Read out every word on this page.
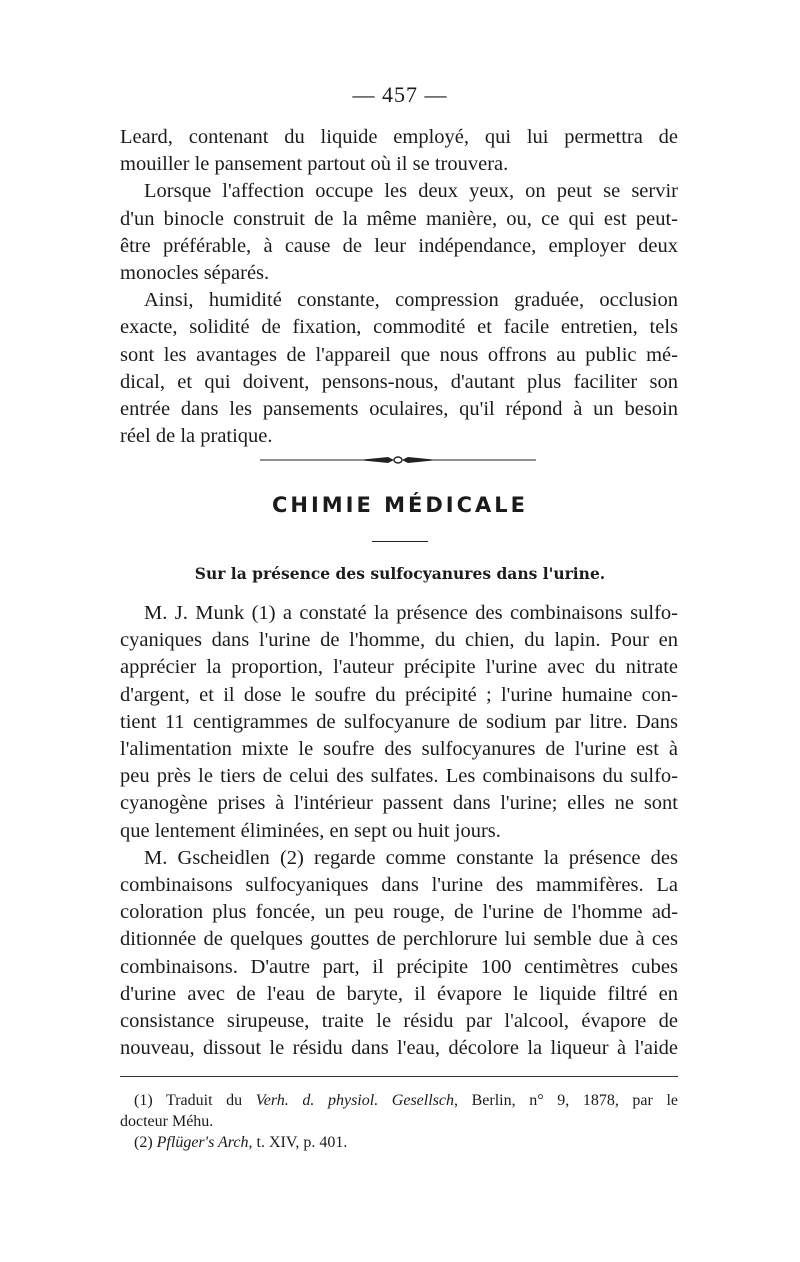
— 457 —
Leard, contenant du liquide employé, qui lui permettra de
mouiller le pansement partout où il se trouvera.
Lorsque l'affection occupe les deux yeux, on peut se servir
d'un binocle construit de la même manière, ou, ce qui est peut-
être préférable, à cause de leur indépendance, employer deux
monocles séparés.
Ainsi, humidité constante, compression graduée, occlusion
exacte, solidité de fixation, commodité et facile entretien, tels
sont les avantages de l'appareil que nous offrons au public mé-
dical, et qui doivent, pensons-nous, d'autant plus faciliter son
entrée dans les pansements oculaires, qu'il répond à un besoin
réel de la pratique.
CHIMIE MÉDICALE
Sur la présence des sulfocyanures dans l'urine.
M. J. Munk (1) a constaté la présence des combinaisons sulfo-
cyaniques dans l'urine de l'homme, du chien, du lapin. Pour en
apprécier la proportion, l'auteur précipite l'urine avec du nitrate
d'argent, et il dose le soufre du précipité ; l'urine humaine con-
tient 11 centigrammes de sulfocyanure de sodium par litre. Dans
l'alimentation mixte le soufre des sulfocyanures de l'urine est à
peu près le tiers de celui des sulfates. Les combinaisons du sulfo-
cyanogène prises à l'intérieur passent dans l'urine; elles ne sont
que lentement éliminées, en sept ou huit jours.
M. Gscheidlen (2) regarde comme constante la présence des
combinaisons sulfocyaniques dans l'urine des mammifères. La
coloration plus foncée, un peu rouge, de l'urine de l'homme ad-
ditionnée de quelques gouttes de perchlorure lui semble due à ces
combinaisons. D'autre part, il précipite 100 centimètres cubes
d'urine avec de l'eau de baryte, il évapore le liquide filtré en
consistance sirupeuse, traite le résidu par l'alcool, évapore de
nouveau, dissout le résidu dans l'eau, décolore la liqueur à l'aide
(1) Traduit du Verh. d. physiol. Gesellsch, Berlin, n° 9, 1878, par le
docteur Méhu.
(2) Pflüger's Arch, t. XIV, p. 401.
